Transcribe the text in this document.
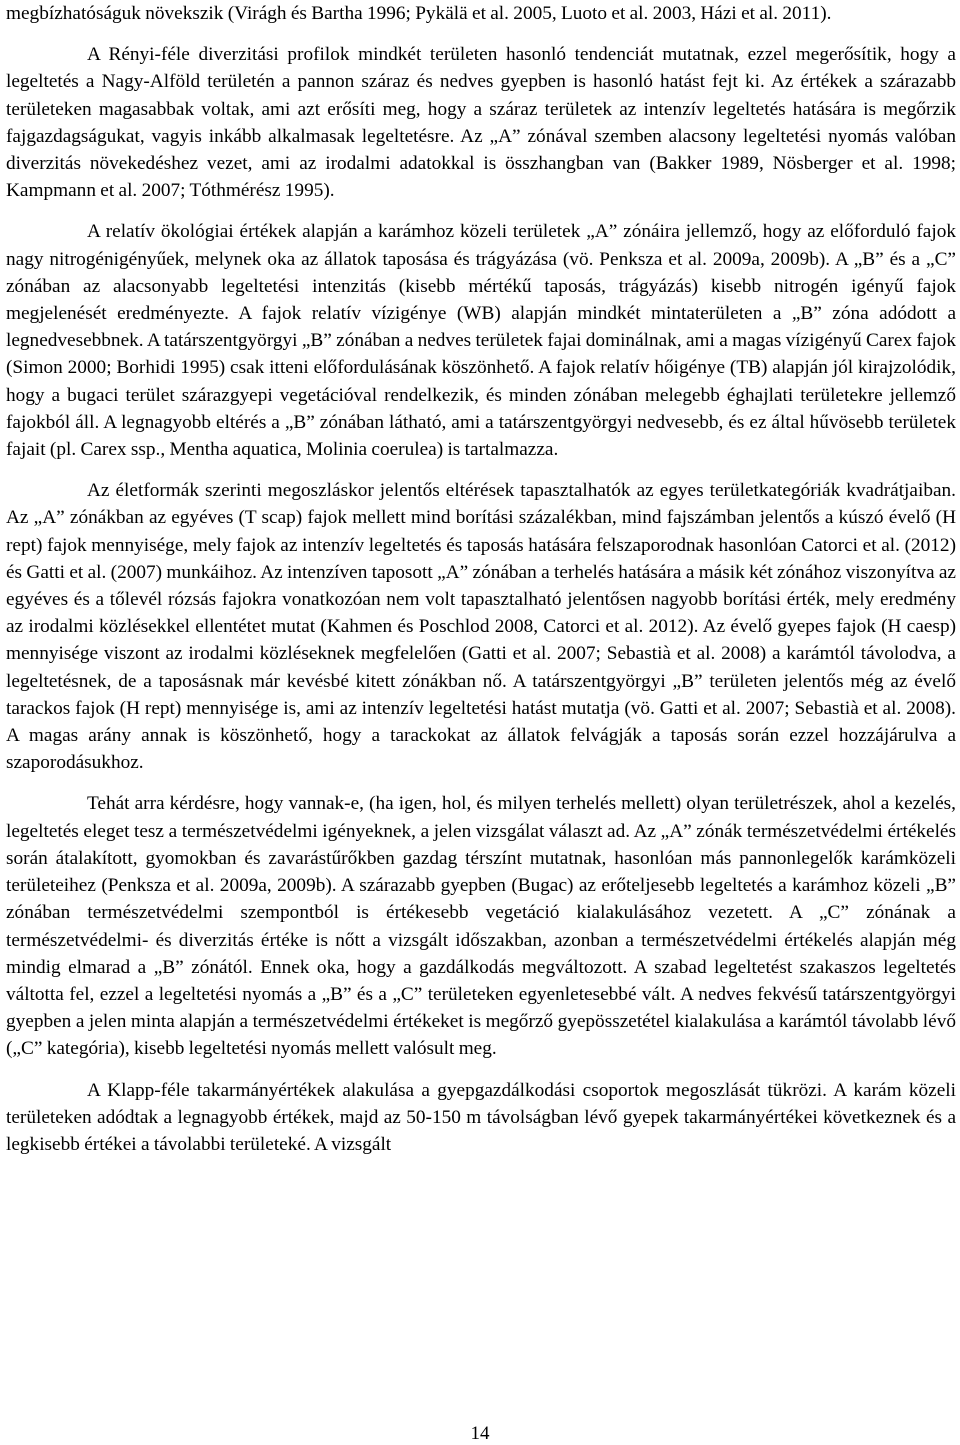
megbízhatóságuk növekszik (Virágh és Bartha 1996; Pykälä et al. 2005, Luoto et al. 2003, Házi et al. 2011).

A Rényi-féle diverzitási profilok mindkét területen hasonló tendenciát mutatnak, ezzel megerősítik, hogy a legeltetés a Nagy-Alföld területén a pannon száraz és nedves gyepben is hasonló hatást fejt ki. Az értékek a szárazabb területeken magasabbak voltak, ami azt erősíti meg, hogy a száraz területek az intenzív legeltetés hatására is megőrzik fajgazdagságukat, vagyis inkább alkalmasak legeltetésre. Az „A” zónával szemben alacsony legeltetési nyomás valóban diverzitás növekedéshez vezet, ami az irodalmi adatokkal is összhangban van (Bakker 1989, Nösberger et al. 1998; Kampmann et al. 2007; Tóthmérész 1995).

A relatív ökológiai értékek alapján a karámhoz közeli területek „A” zónáira jellemző, hogy az előforduló fajok nagy nitrogénigényűek, melynek oka az állatok taposása és trágyázása (vö. Penksza et al. 2009a, 2009b). A „B” és a „C” zónában az alacsonyabb legeltetési intenzitás (kisebb mértékű taposás, trágyázás) kisebb nitrogén igényű fajok megjelenését eredményezte. A fajok relatív vízigénye (WB) alapján mindkét mintaterületen a „B” zóna adódott a legnedvesebbnek. A tatárszentgyörgyi „B” zónában a nedves területek fajai dominálnak, ami a magas vízigényű Carex fajok (Simon 2000; Borhidi 1995) csak itteni előfordulásának köszönhető. A fajok relatív hőigénye (TB) alapján jól kirajzolódik, hogy a bugaci terület szárazgyepi vegetációval rendelkezik, és minden zónában melegebb éghajlati területekre jellemző fajokból áll. A legnagyobb eltérés a „B” zónában látható, ami a tatárszentgyörgyi nedvesebb, és ez által hűvösebb területek fajait (pl. Carex ssp., Mentha aquatica, Molinia coerulea) is tartalmazza.

Az életformák szerinti megoszláskor jelentős eltérések tapasztalhatók az egyes területkategóriák kvadrátjaiban. Az „A” zónákban az egyéves (T scap) fajok mellett mind borítási százalékban, mind fajszámban jelentős a kúszó évelő (H rept) fajok mennyisége, mely fajok az intenzív legeltetés és taposás hatására felszaporodnak hasonlóan Catorci et al. (2012) és Gatti et al. (2007) munkáihoz. Az intenzíven taposott „A” zónában a terhelés hatására a másik két zónához viszonyítva az egyéves és a tőlevél rózsás fajokra vonatkozóan nem volt tapasztalható jelentősen nagyobb borítási érték, mely eredmény az irodalmi közlésekkel ellentétet mutat (Kahmen és Poschlod 2008, Catorci et al. 2012). Az évelő gyepes fajok (H caesp) mennyisége viszont az irodalmi közléseknek megfelelően (Gatti et al. 2007; Sebastià et al. 2008) a karámtól távolodva, a legeltetésnek, de a taposásnak már kevésbé kitett zónákban nő. A tatárszentgyörgyi „B” területen jelentős még az évelő tarackos fajok (H rept) mennyisége is, ami az intenzív legeltetési hatást mutatja (vö. Gatti et al. 2007; Sebastià et al. 2008). A magas arány annak is köszönhető, hogy a tarackokat az állatok felvágják a taposás során ezzel hozzájárulva a szaporodásukhoz.

Tehát arra kérdésre, hogy vannak-e, (ha igen, hol, és milyen terhelés mellett) olyan területrészek, ahol a kezelés, legeltetés eleget tesz a természetvédelmi igényeknek, a jelen vizsgálat választ ad. Az „A” zónák természetvédelmi értékelés során átalakított, gyomokban és zavarástűrőkben gazdag térszínt mutatnak, hasonlóan más pannonlegelők karámközeli területeihez (Penksza et al. 2009a, 2009b). A szárazabb gyepben (Bugac) az erőteljesebb legeltetés a karámhoz közeli „B” zónában természetvédelmi szempontból is értékesebb vegetáció kialakulásához vezetett. A „C” zónának a természetvédelmi- és diverzitás értéke is nőtt a vizsgált időszakban, azonban a természetvédelmi értékelés alapján még mindig elmarad a „B” zónától. Ennek oka, hogy a gazdálkodás megváltozott. A szabad legeltetést szakaszos legeltetés váltotta fel, ezzel a legeltetési nyomás a „B” és a „C” területeken egyenletesebbé vált. A nedves fekvésű tatárszentgyörgyi gyepben a jelen minta alapján a természetvédelmi értékeket is megőrző gyepösszetétel kialakulása a karámtól távolabb lévő („C” kategória), kisebb legeltetési nyomás mellett valósult meg.

A Klapp-féle takarmányértékek alakulása a gyepgazdálkodási csoportok megoszlását tükrözi. A karám közeli területeken adódtak a legnagyobb értékek, majd az 50-150 m távolságban lévő gyepek takarmányértékei következnek és a legkisebb értékei a távolabbi területeké. A vizsgált

14
